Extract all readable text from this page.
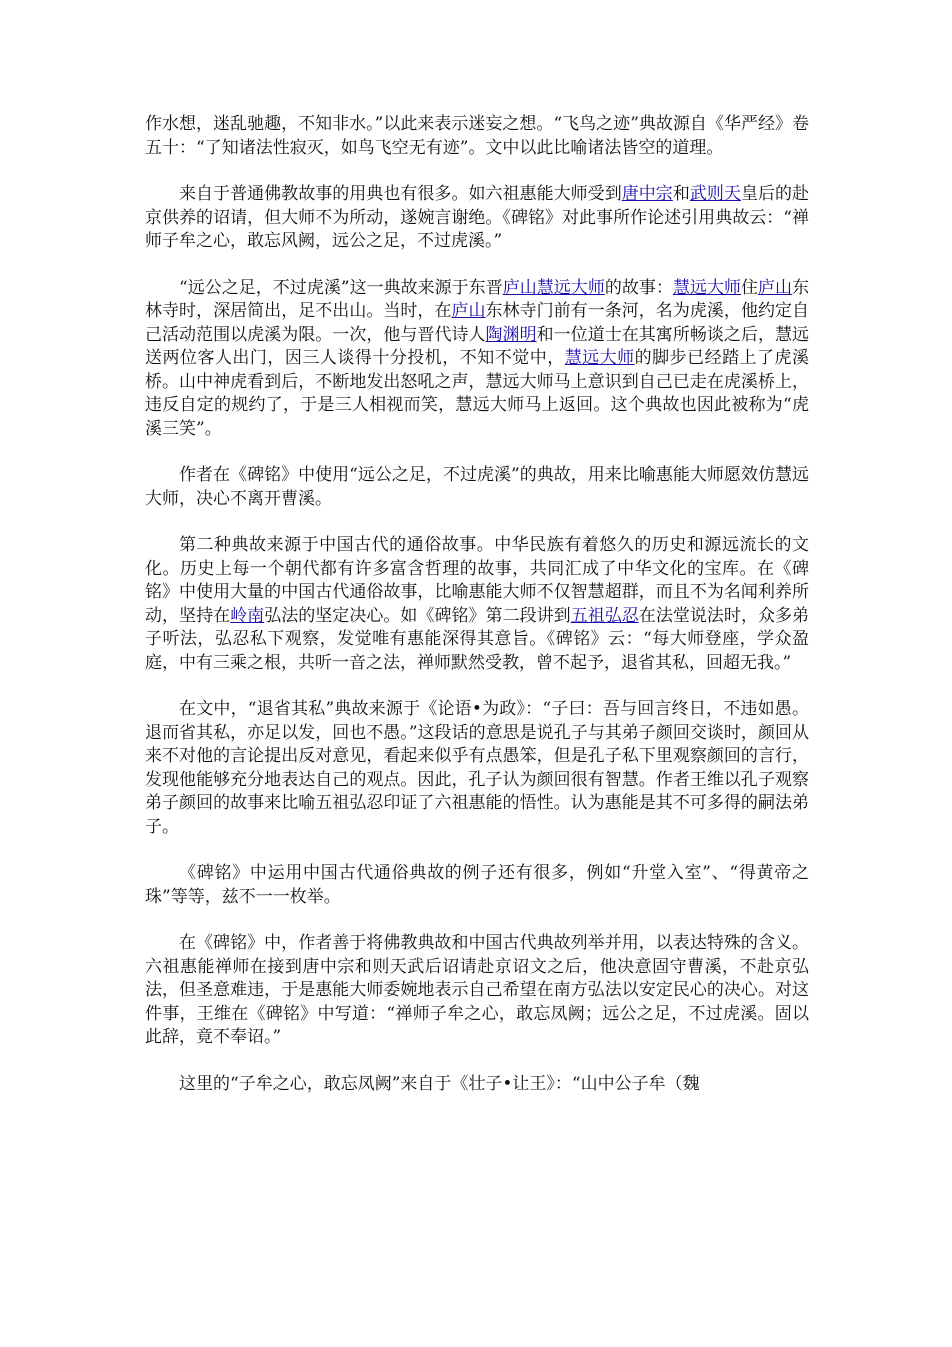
作水想，迷乱驰趣，不知非水。”以此来表示迷妄之想。“飞鸟之迹”典故源自《华严经》卷五十：“了知诸法性寂灭，如鸟飞空无有迹”。文中以此比喻诸法皆空的道理。

来自于普通佛教故事的用典也有很多。如六祖惠能大师受到唐中宗和武则天皇后的赴京供养的诏请，但大师不为所动，遂婉言谢绝。《碑铭》对此事所作论述引用典故云：“禅师子牟之心，敢忘风阙，远公之足，不过虎溪。”

“远公之足，不过虎溪”这一典故来源于东晋庐山慧远大师的故事：慧远大师住庐山东林寺时，深居简出，足不出山。当时，在庐山东林寺门前有一条河，名为虎溪，他约定自己活动范围以虎溪为限。一次，他与晋代诗人陶渊明和一位道士在其寓所畅谈之后，慧远送两位客人出门，因三人谈得十分投机，不知不觉中，慧远大师的脚步已经踏上了虎溪桥。山中神虎看到后，不断地发出怒吼之声，慧远大师马上意识到自己已走在虎溪桥上，违反自定的规约了，于是三人相视而笑，慧远大师马上返回。这个典故也因此被称为“虎溪三笑”。

作者在《碑铭》中使用“远公之足，不过虎溪”的典故，用来比喻惠能大师愿效仿慧远大师，决心不离开曹溪。

第二种典故来源于中国古代的通俗故事。中华民族有着悠久的历史和源远流长的文化。历史上每一个朝代都有许多富含哲理的故事，共同汇成了中华文化的宝库。在《碑铭》中使用大量的中国古代通俗故事，比喻惠能大师不仅智慧超群，而且不为名闻利养所动，坚持在岭南弘法的坚定决心。如《碑铭》第二段讲到五祖弘忍在法堂说法时，众多弟子听法，弘忍私下观察，发觉唯有惠能深得其意旨。《碑铭》云：“每大师登座，学众盈庭，中有三乘之根，共听一音之法，禅师默然受教，曾不起予，退省其私，回超无我。”

在文中，“退省其私”典故来源于《论语•为政》：“子曰：吾与回言终日，不违如愚。退而省其私，亦足以发，回也不愚。”这段话的意思是说孔子与其弟子颜回交谈时，颜回从来不对他的言论提出反对意见，看起来似乎有点愚笨，但是孔子私下里观察颜回的言行，发现他能够充分地表达自己的观点。因此，孔子认为颜回很有智慧。作者王维以孔子观察弟子颜回的故事来比喻五祖弘忍印证了六祖惠能的悟性。认为惠能是其不可多得的嗣法弟子。

《碑铭》中运用中国古代通俗典故的例子还有很多，例如“升堂入室”、“得黄帝之珠”等等，兹不一一枚举。

在《碑铭》中，作者善于将佛教典故和中国古代典故列举并用，以表达特殊的含义。六祖惠能禅师在接到唐中宗和则天武后诏请赴京诏文之后，他决意固守曹溪，不赴京弘法，但圣意难违，于是惠能大师委婉地表示自己希望在南方弘法以安定民心的决心。对这件事，王维在《碑铭》中写道：“禅师子牟之心，敢忘凤阙；远公之足，不过虎溪。固以此辞，竟不奉诏。”

这里的“子牟之心，敢忘凤阙”来自于《壮子•让王》：“山中公子牟（魏
